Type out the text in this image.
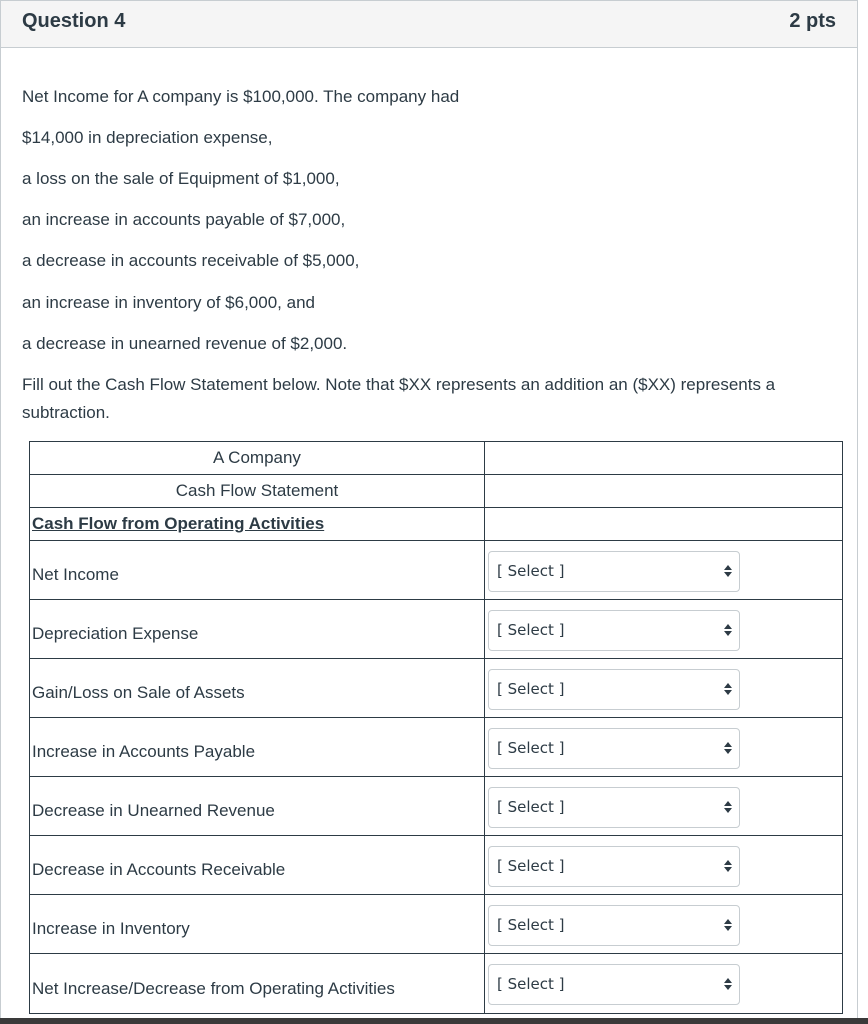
Question 4	2 pts
Net Income for A company is $100,000. The company had
$14,000 in depreciation expense,
a loss on the sale of Equipment of $1,000,
an increase in accounts payable of $7,000,
a decrease in accounts receivable of $5,000,
an increase in inventory of $6,000, and
a decrease in unearned revenue of $2,000.
Fill out the Cash Flow Statement below. Note that $XX represents an addition an ($XX) represents a subtraction.
A Company	
Cash Flow Statement	
Cash Flow from Operating Activities	
Net Income	[ Select ]

Depreciation Expense	[ Select ]

Gain/Loss on Sale of Assets	[ Select ]

Increase in Accounts Payable	[ Select ]

Decrease in Unearned Revenue	[ Select ]

Decrease in Accounts Receivable	[ Select ]

Increase in Inventory	[ Select ]

Net Increase/Decrease from Operating Activities	[ Select ]
